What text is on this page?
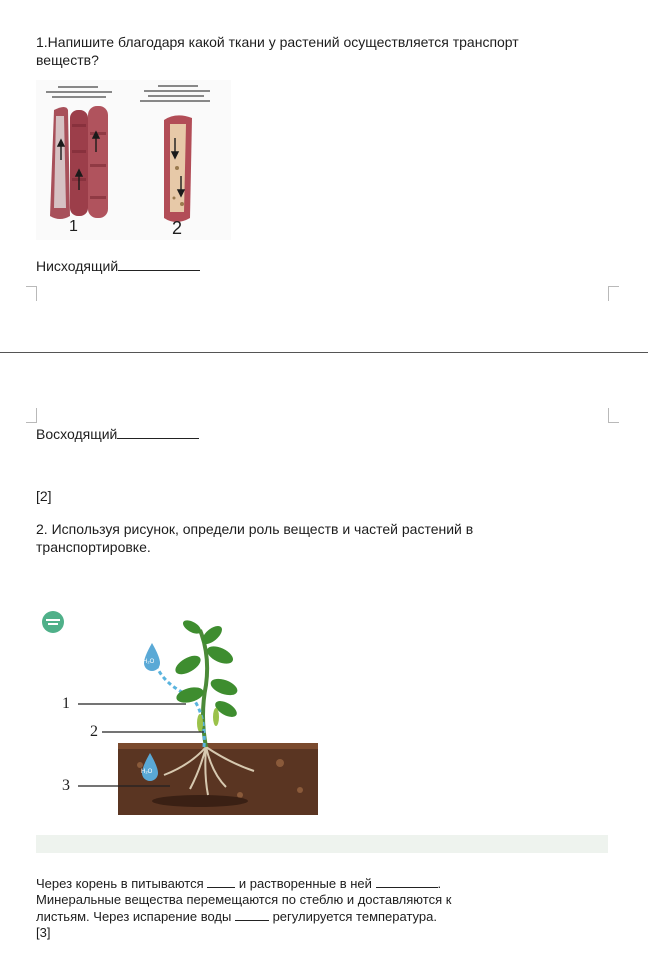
1.Напишите благодаря какой ткани у растений осуществляется транспорт
веществ?
1	2
Нисходящий
Восходящий
[2]
2. Используя рисунок, определи роль веществ и частей растений в
транспортировке.
H₂O
H₂O
1
2
3
Через корень в питываются	и растворенные в ней	.
Минеральные вещества перемещаются по стеблю и доставляются к
листьям. Через испарение воды	регулируется температура.
[3]
